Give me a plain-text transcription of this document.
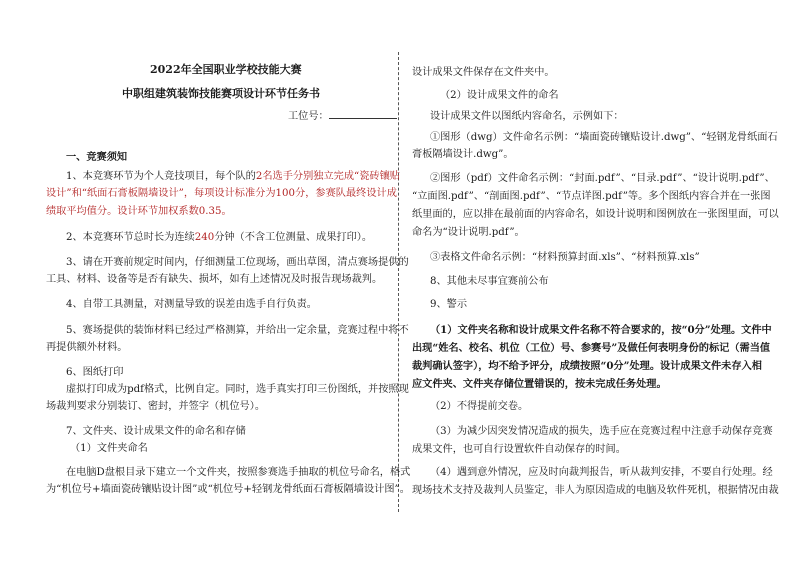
2022年全国职业学校技能大赛
中职组建筑装饰技能赛项设计环节任务书
工位号：
一、竞赛须知
1、本竞赛环节为个人竞技项目，每个队的2名选手分别独立完成“瓷砖镶贴
设计”和“纸面石膏板隔墙设计”，每项设计标准分为100分，参赛队最终设计成
绩取平均值分。设计环节加权系数0.35。
2、本竞赛环节总时长为连续240分钟（不含工位测量、成果打印）。
3、请在开赛前规定时间内，仔细测量工位现场，画出草图，清点赛场提供的
工具、材料、设备等是否有缺失、损坏，如有上述情况及时报告现场裁判。
4、自带工具测量，对测量导致的误差由选手自行负责。
5、赛场提供的装饰材料已经过严格测算，并给出一定余量，竞赛过程中将不
再提供额外材料。
6、图纸打印
虚拟打印成为pdf格式，比例自定。同时，选手真实打印三份图纸，并按照现
场裁判要求分别装订、密封，并签字（机位号）。
7、文件夹、设计成果文件的命名和存储
（1）文件夹命名
在电脑D盘根目录下建立一个文件夹，按照参赛选手抽取的机位号命名，格式
为“机位号+墙面瓷砖镶贴设计图”或“机位号+轻钢龙骨纸面石膏板隔墙设计图”。
设计成果文件保存在文件夹中。
（2）设计成果文件的命名
设计成果文件以图纸内容命名，示例如下：
①图形（dwg）文件命名示例：“墙面瓷砖镶贴设计.dwg”、“轻钢龙骨纸面石
膏板隔墙设计.dwg”。
②图形（pdf）文件命名示例：“封面.pdf”、“目录.pdf”、“设计说明.pdf”、
“立面图.pdf”、“剖面图.pdf”、“节点详图.pdf”等。多个图纸内容合并在一张图
纸里面的，应以排在最前面的内容命名，如设计说明和图例放在一张图里面，可以
命名为“设计说明.pdf”。
③表格文件命名示例：“材料预算封面.xls”、“材料预算.xls”
8、其他未尽事宜赛前公布
9、警示
（1）文件夹名称和设计成果文件名称不符合要求的，按“0分”处理。文件中
出现“姓名、校名、机位（工位）号、参赛号”及做任何表明身份的标记（需当值
裁判确认签字），均不给予评分，成绩按照“0分”处理。设计成果文件未存入相
应文件夹、文件夹存储位置错误的，按未完成任务处理。
（2）不得提前交卷。
（3）为减少因突发情况造成的损失，选手应在竞赛过程中注意手动保存竞赛
成果文件，也可自行设置软件自动保存的时间。
（4）遇到意外情况，应及时向裁判报告，听从裁判安排，不要自行处理。经
现场技术支持及裁判人员鉴定，非人为原因造成的电脑及软件死机，根据情况由裁
